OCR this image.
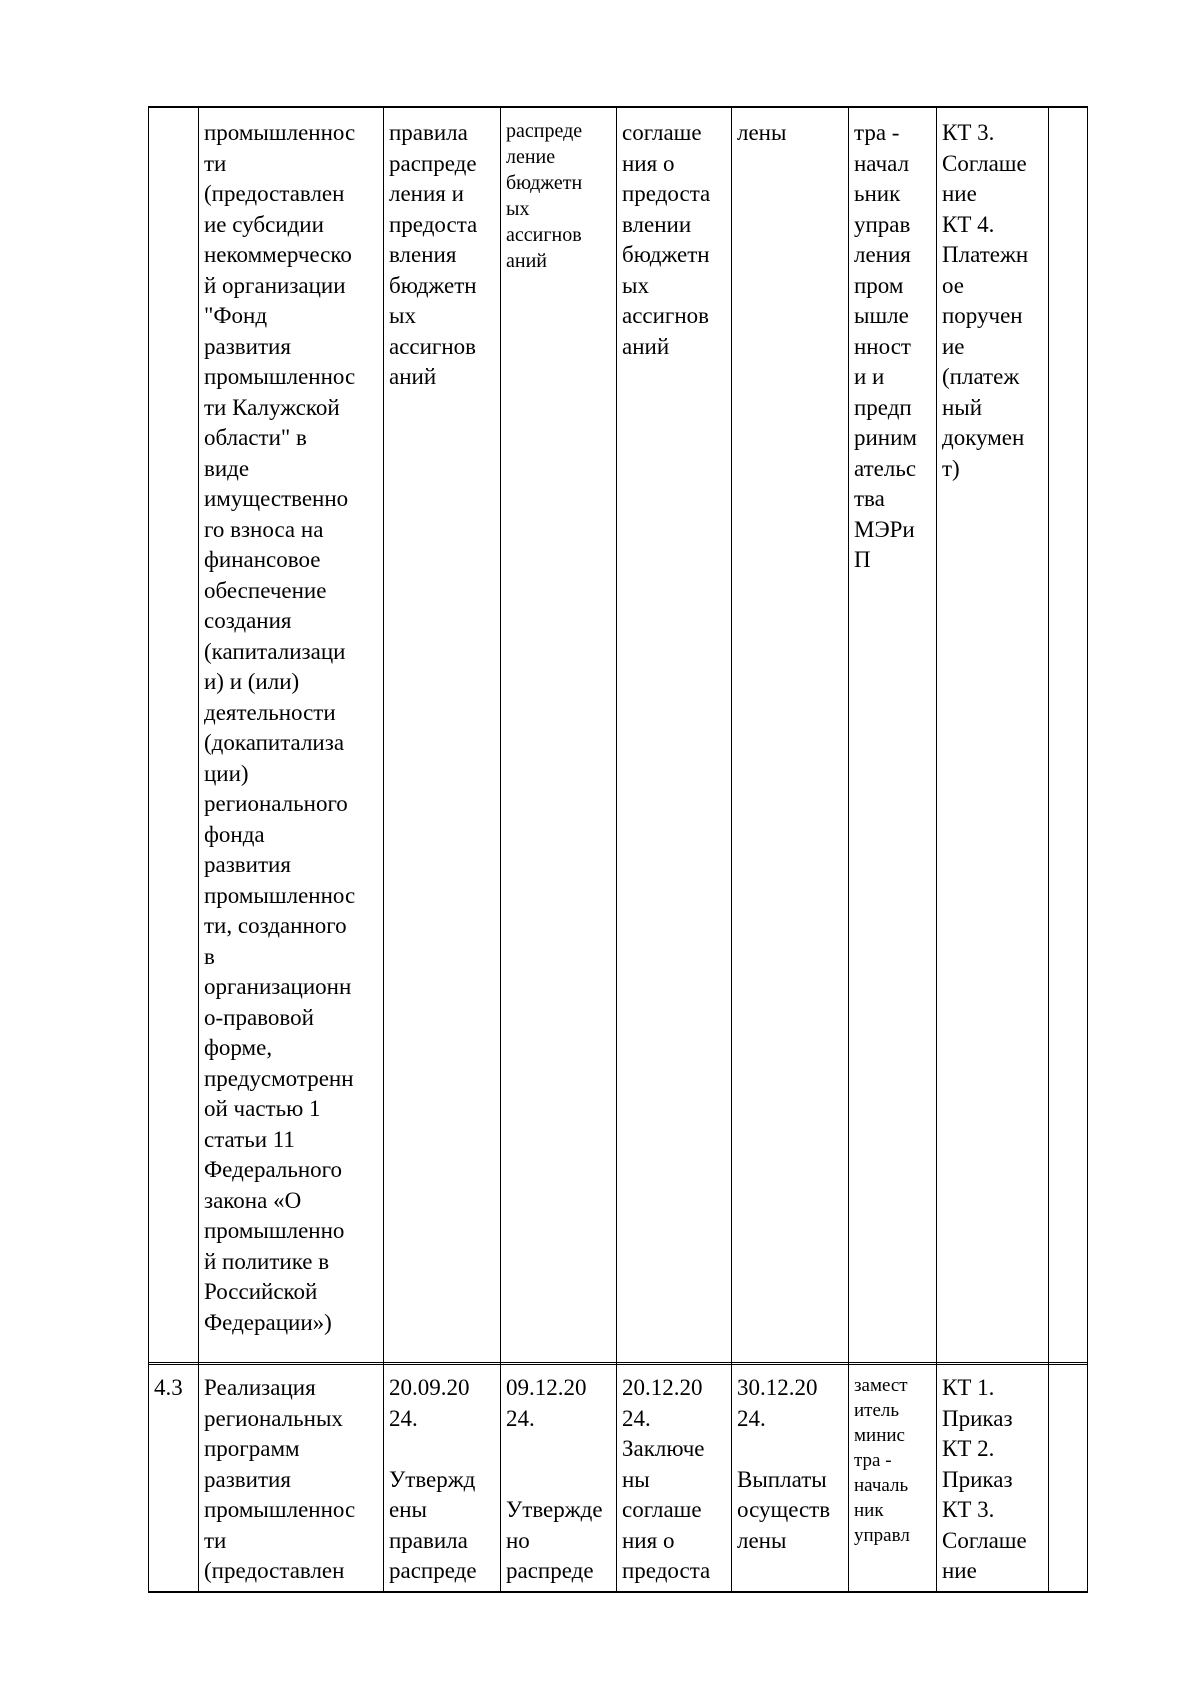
промышленнос
ти
(предоставлен
ие субсидии
некоммерческо
й организации
"Фонд
развития
промышленнос
ти Калужской
области" в
виде
имущественно
го взноса на
финансовое
обеспечение
создания
(капитализаци
и) и (или)
деятельности
(докапитализа
ции)
регионального
фонда
развития
промышленнос
ти, созданного
в
организационн
о-правовой
форме,
предусмотренн
ой частью 1
статьи 11
Федерального
закона «О
промышленно
й политике в
Российской
Федерации»)
правила
распреде
ления и
предоста
вления
бюджетн
ых
ассигнов
аний
распреде
ление
бюджетн
ых
ассигнов
аний
соглаше
ния о
предоста
влении
бюджетн
ых
ассигнов
аний
лены	тра -
начал
ьник
управ
ления
пром
ышле
нност
и и
предп
риним
ательс
тва
МЭРи
П
КТ 3.
Соглаше
ние
КТ 4.
Платежн
ое
поручен
ие
(платеж
ный
докумен
т)
4.3 Реализация
региональных
программ
развития
промышленнос
ти
(предоставлен
20.09.20
24.

Утвержд
ены
правила
распреде
09.12.20
24.

Утвержде
но
распреде
20.12.20
24.
Заключе
ны
соглаше
ния о
предоста
30.12.20
24.

Выплаты
осуществ
лены
замест
итель
минис
тра -
началь
ник
управл
КТ 1.
Приказ
КТ 2.
Приказ
КТ 3.
Соглаше
ние
